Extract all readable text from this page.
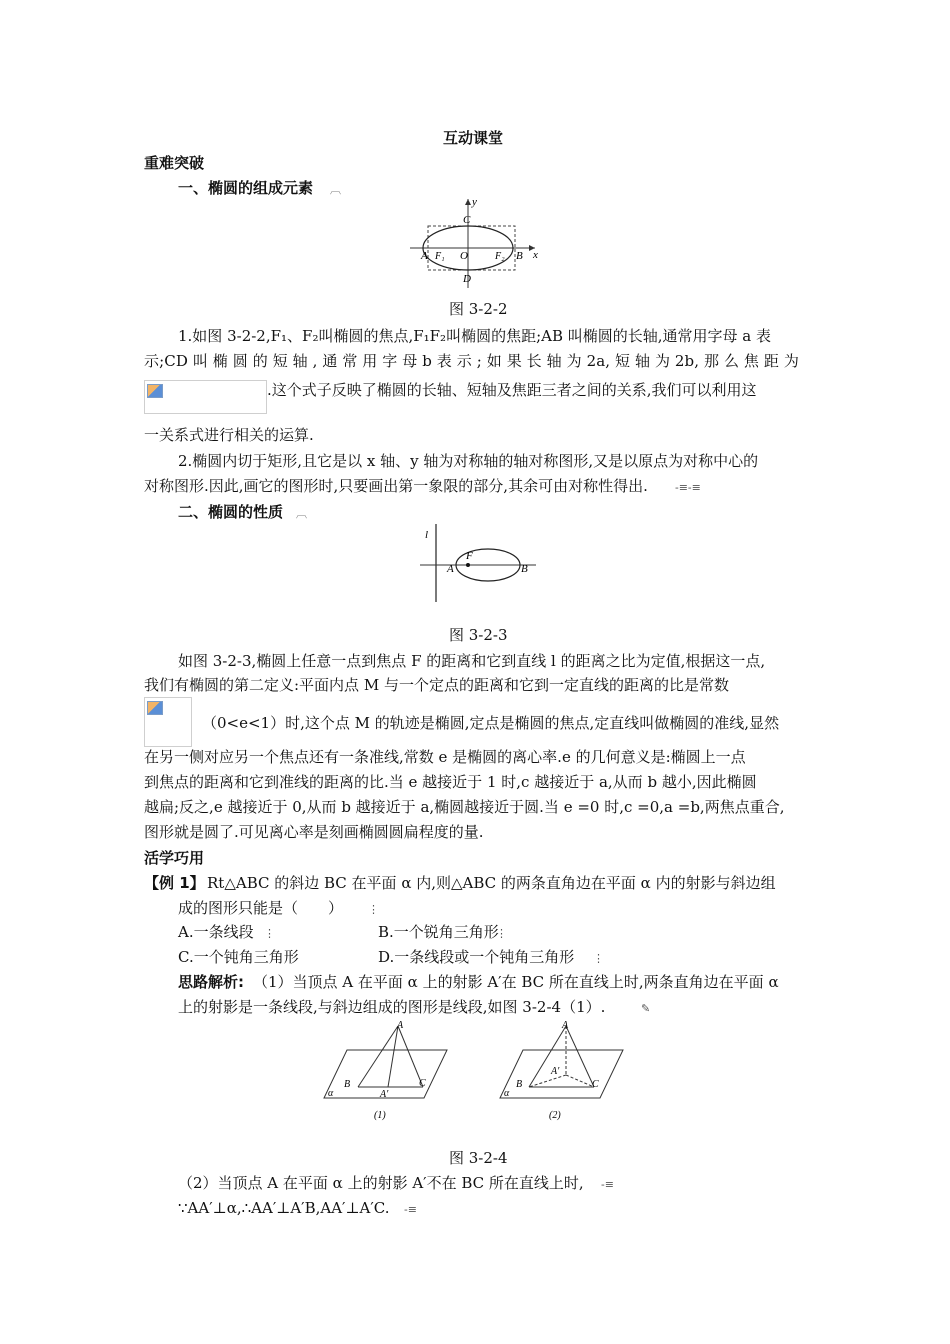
互动课堂
重难突破
一、椭圆的组成元素 ︹
y
x
C
D
A	B
O
F₁	F₂
图 3-2-2
1.如图 3-2-2,F₁、F₂叫椭圆的焦点,F₁F₂叫椭圆的焦距;AB 叫椭圆的长轴,通常用字母 a 表
示;CD 叫 椭 圆 的 短 轴 , 通 常 用 字 母 b 表 示 ; 如 果 长 轴 为 2a, 短 轴 为 2b, 那 么 焦 距 为
.这个式子反映了椭圆的长轴、短轴及焦距三者之间的关系,我们可以利用这
一关系式进行相关的运算.
2.椭圆内切于矩形,且它是以 x 轴、y 轴为对称轴的轴对称图形,又是以原点为对称中心的
对称图形.因此,画它的图形时,只要画出第一象限的部分,其余可由对称性得出. -≡-≡
二、椭圆的性质 ︹
l
F
A	B
图 3-2-3
如图 3-2-3,椭圆上任意一点到焦点 F 的距离和它到直线 l 的距离之比为定值,根据这一点,
我们有椭圆的第二定义:平面内点 M 与一个定点的距离和它到一定直线的距离的比是常数
（0<e<1）时,这个点 M 的轨迹是椭圆,定点是椭圆的焦点,定直线叫做椭圆的准线,显然
在另一侧对应另一个焦点还有一条准线,常数 e 是椭圆的离心率.e 的几何意义是:椭圆上一点
到焦点的距离和它到准线的距离的比.当 e 越接近于 1 时,c 越接近于 a,从而 b 越小,因此椭圆
越扁;反之,e 越接近于 0,从而 b 越接近于 a,椭圆越接近于圆.当 e =0 时,c =0,a =b,两焦点重合,
图形就是圆了.可见离心率是刻画椭圆圆扁程度的量.
活学巧用
【例 1】 Rt△ABC 的斜边 BC 在平面 α 内,则△ABC 的两条直角边在平面 α 内的射影与斜边组
成的图形只能是（　　） ⋮
A.一条线段 ⋮	B.一个锐角三角形
⋮
C.一个钝角三角形	D.一条线段或一个钝角三角形 ⋮
思路解析: （1）当顶点 A 在平面 α 上的射影 A′在 BC 所在直线上时,两条直角边在平面 α
上的射影是一条线段,与斜边组成的图形是线段,如图 3-2-4（1）.	✎
A
B	C
A′
α
(1)
A
B	C
A′
α
(2)
图 3-2-4
（2）当顶点 A 在平面 α 上的射影 A′不在 BC 所在直线上时, -≡
∵AA′⊥α,∴AA′⊥A′B,AA′⊥A′C. -≡
